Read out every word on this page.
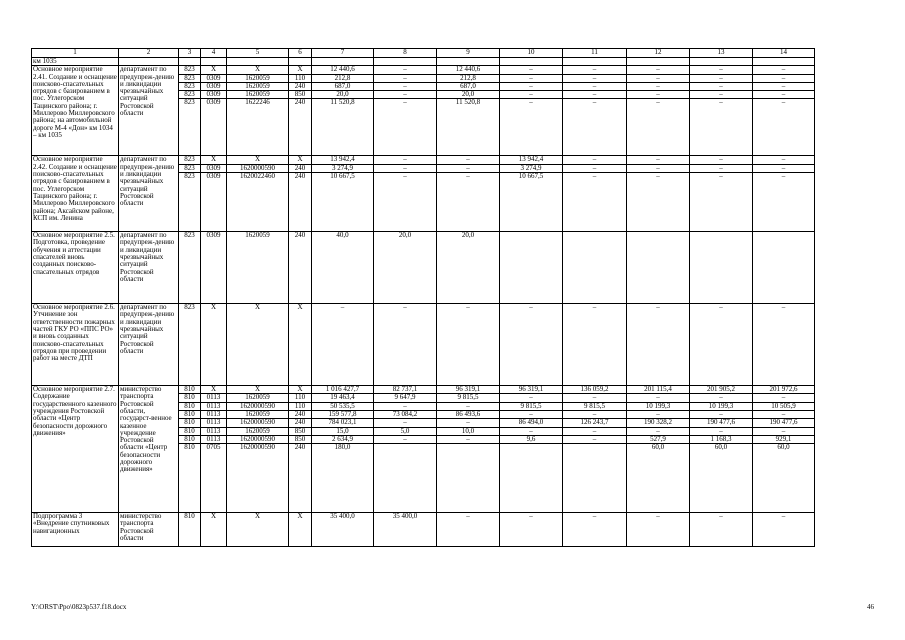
1	2	3	4	5	6	7	8	9	10	11	12	13	14
км 1035													
Основное мероприятие 2.41. Создание и оснащение поисково-спасательных отрядов с базированием в пос. Углегорском Тацинского района; г. Миллерово Миллеровского района; на автомобильной дороге М-4 «Дон» км 1034 – км 1035	департамент по предупреж-дению и ликвидации чрезвычайных ситуаций Ростовской области	823	Х	Х	Х	12 440,6	–	12 440,6	–	–	–	–	–
		823	0309	1620059	110	212,8	–	212,8	–	–	–	–	–
		823	0309	1620059	240	687,0	–	687,0	–	–	–	–	–
		823	0309	1620059	850	20,0	–	20,0	–	–	–	–	–
		823	0309	1622246	240	11 520,8	–	11 520,8	–	–	–	–	–
Основное мероприятие 2.42. Создание и оснащение поисково-спасательных отрядов с базированием в пос. Углегорском Тацинского района; г. Миллерово Миллеровского района; Аксайском районе, КСП им. Ленина	департамент по предупреж-дению и ликвидации чрезвычайных ситуаций Ростовской области	823	Х	Х	Х	13 942,4	–	–	13 942,4	–	–	–	–
		823	0309	1620000590	240	3 274,9	–	–	3 274,9	–	–	–	–
		823	0309	1620022460	240	10 667,5	–	–	10 667,5	–	–	–	–
Основное мероприятие 2.5. Подготовка, проведение обучения и аттестации спасателей вновь созданных поисково-спасательных отрядов	департамент по предупреж-дению и ликвидации чрезвычайных ситуаций Ростовской области	823	0309	1620059	240	40,0	20,0	20,0					
Основное мероприятие 2.6. Утчинение зон ответственности пожарных частей ГКУ РО «ППС РО» и вновь созданных поисково-спасательных отрядов при проведении работ на месте ДТП	департамент по предупреж-дению и ликвидации чрезвычайных ситуаций Ростовской области	823	Х	Х	Х	–	–	–	–	–	–	–	–
Основное мероприятие 2.7. Содержание государственного казенного учреждения Ростовской области «Центр безопасности дорожного движения»	министерство транспорта Ростовской области, государст-венное казенное учреждение Ростовской области «Центр безопасности дорожного движения»	810	Х	Х	Х	1 016 427,7	82 737,1	96 319,1	96 319,1	136 059,2	201 115,4	201 905,2	201 972,6
		810	0113	1620059	110	19 463,4	9 647,9	9 815,5	–	–	–	–	–
		810	0113	1620000590	110	50 535,5	–	–	9 815,5	9 815,5	10 199,3	10 199,3	10 505,9
		810	0113	1620059	240	159 577,8	73 084,2	86 493,6	–	–	–	–	–
		810	0113	1620000590	240	784 023,1	–	–	86 494,0	126 243,7	190 328,2	190 477,6	190 477,6
		810	0113	1620059	850	15,0	5,0	10,0	–	–	–	–	–
		810	0113	1620000590	850	2 634,9	–	–	9,6	–	527,9	1 168,3	929,1
		810	0705	1620000590	240	180,0					60,0	60,0	60,0
Подпрограмма 3 «Внедрение спутниковых навигационных	министерство транспорта Ростовской области	810	Х	Х	Х	35 400,0	35 400,0	–	–	–	–	–	–
Y:\ORST\Ppo\0823p537.f18.docx	46
